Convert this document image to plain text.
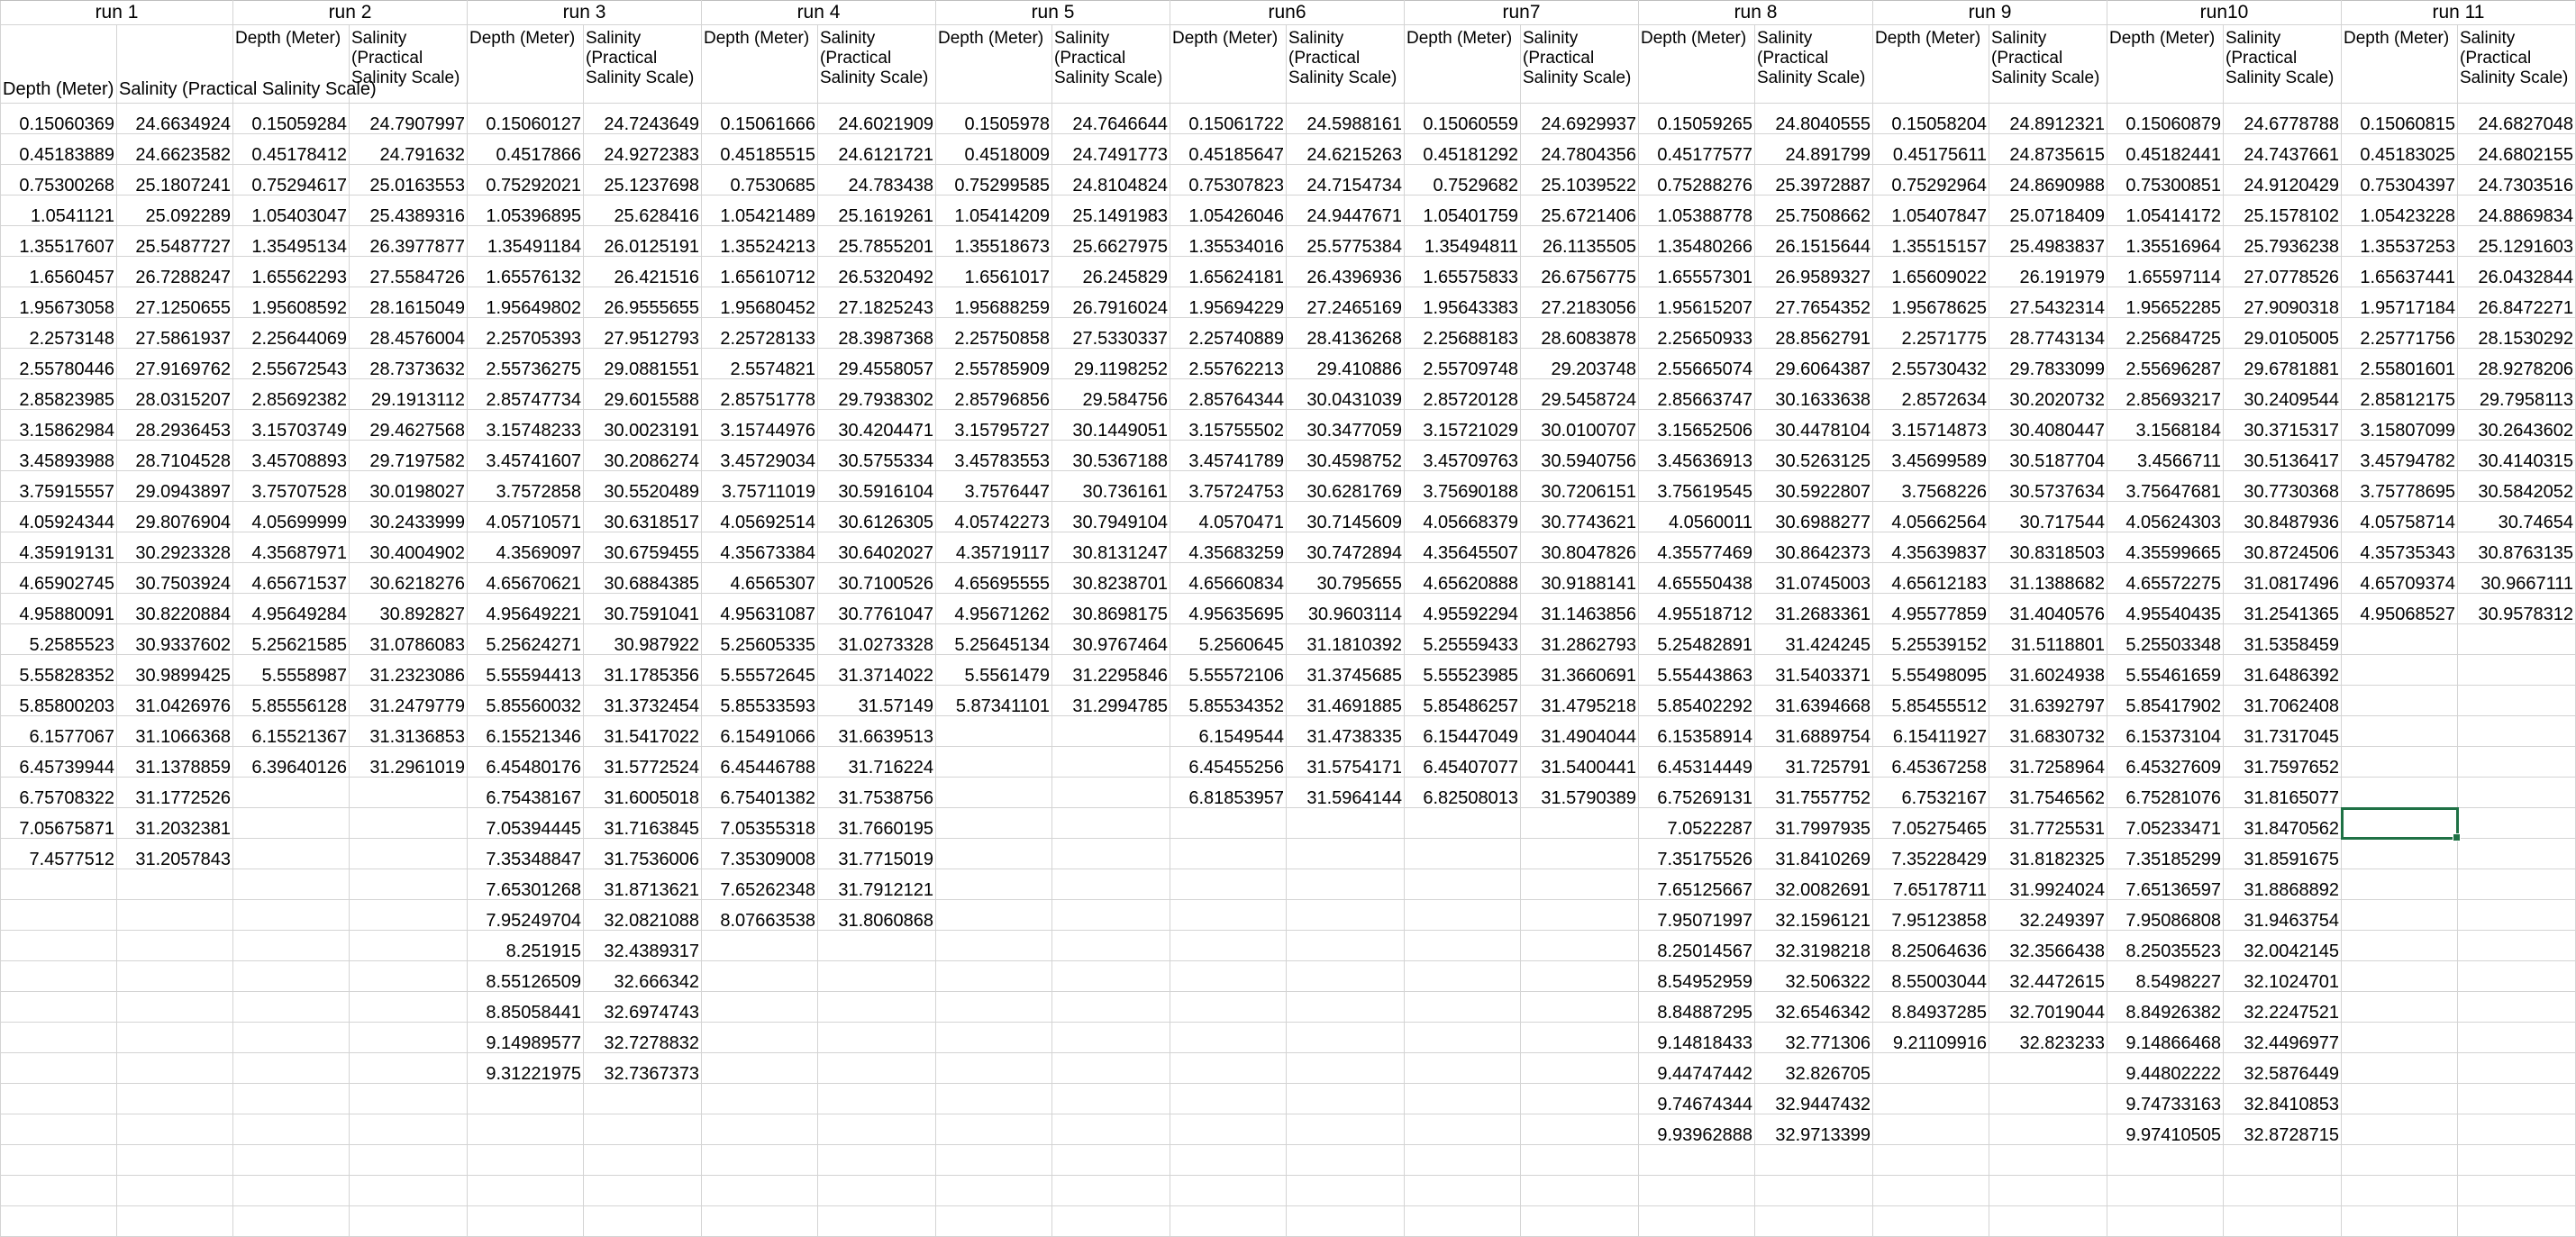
run 1		run 2		run 3		run 4		run 5		run6		run7		run 8		run 9		run10		run 11	
Depth (Meter)	Salinity (Practical Salinity Scale)	Depth (Meter)	Salinity (Practical Salinity Scale)	Depth (Meter)	Salinity (Practical Salinity Scale)	Depth (Meter)	Salinity (Practical Salinity Scale)	Depth (Meter)	Salinity (Practical Salinity Scale)	Depth (Meter)	Salinity (Practical Salinity Scale)	Depth (Meter)	Salinity (Practical Salinity Scale)	Depth (Meter)	Salinity (Practical Salinity Scale)	Depth (Meter)	Salinity (Practical Salinity Scale)	Depth (Meter)	Salinity (Practical Salinity Scale)	Depth (Meter)	Salinity (Practical Salinity Scale)
0.15060369	24.6634924	0.15059284	24.7907997	0.15060127	24.7243649	0.15061666	24.6021909	0.1505978	24.7646644	0.15061722	24.5988161	0.15060559	24.6929937	0.15059265	24.8040555	0.15058204	24.8912321	0.15060879	24.6778788	0.15060815	24.6827048
0.45183889	24.6623582	0.45178412	24.791632	0.4517866	24.9272383	0.45185515	24.6121721	0.4518009	24.7491773	0.45185647	24.6215263	0.45181292	24.7804356	0.45177577	24.891799	0.45175611	24.8735615	0.45182441	24.7437661	0.45183025	24.6802155
0.75300268	25.1807241	0.75294617	25.0163553	0.75292021	25.1237698	0.7530685	24.783438	0.75299585	24.8104824	0.75307823	24.7154734	0.7529682	25.1039522	0.75288276	25.3972887	0.75292964	24.8690988	0.75300851	24.9120429	0.75304397	24.7303516
1.0541121	25.092289	1.05403047	25.4389316	1.05396895	25.628416	1.05421489	25.1619261	1.05414209	25.1491983	1.05426046	24.9447671	1.05401759	25.6721406	1.05388778	25.7508662	1.05407847	25.0718409	1.05414172	25.1578102	1.05423228	24.8869834
1.35517607	25.5487727	1.35495134	26.3977877	1.35491184	26.0125191	1.35524213	25.7855201	1.35518673	25.6627975	1.35534016	25.5775384	1.35494811	26.1135505	1.35480266	26.1515644	1.35515157	25.4983837	1.35516964	25.7936238	1.35537253	25.1291603
1.6560457	26.7288247	1.65562293	27.5584726	1.65576132	26.421516	1.65610712	26.5320492	1.6561017	26.245829	1.65624181	26.4396936	1.65575833	26.6756775	1.65557301	26.9589327	1.65609022	26.191979	1.65597114	27.0778526	1.65637441	26.0432844
1.95673058	27.1250655	1.95608592	28.1615049	1.95649802	26.9555655	1.95680452	27.1825243	1.95688259	26.7916024	1.95694229	27.2465169	1.95643383	27.2183056	1.95615207	27.7654352	1.95678625	27.5432314	1.95652285	27.9090318	1.95717184	26.8472271
2.2573148	27.5861937	2.25644069	28.4576004	2.25705393	27.9512793	2.25728133	28.3987368	2.25750858	27.5330337	2.25740889	28.4136268	2.25688183	28.6083878	2.25650933	28.8562791	2.2571775	28.7743134	2.25684725	29.0105005	2.25771756	28.1530292
2.55780446	27.9169762	2.55672543	28.7373632	2.55736275	29.0881551	2.5574821	29.4558057	2.55785909	29.1198252	2.55762213	29.410886	2.55709748	29.203748	2.55665074	29.6064387	2.55730432	29.7833099	2.55696287	29.6781881	2.55801601	28.9278206
2.85823985	28.0315207	2.85692382	29.1913112	2.85747734	29.6015588	2.85751778	29.7938302	2.85796856	29.584756	2.85764344	30.0431039	2.85720128	29.5458724	2.85663747	30.1633638	2.8572634	30.2020732	2.85693217	30.2409544	2.85812175	29.7958113
3.15862984	28.2936453	3.15703749	29.4627568	3.15748233	30.0023191	3.15744976	30.4204471	3.15795727	30.1449051	3.15755502	30.3477059	3.15721029	30.0100707	3.15652506	30.4478104	3.15714873	30.4080447	3.1568184	30.3715317	3.15807099	30.2643602
3.45893988	28.7104528	3.45708893	29.7197582	3.45741607	30.2086274	3.45729034	30.5755334	3.45783553	30.5367188	3.45741789	30.4598752	3.45709763	30.5940756	3.45636913	30.5263125	3.45699589	30.5187704	3.4566711	30.5136417	3.45794782	30.4140315
3.75915557	29.0943897	3.75707528	30.0198027	3.7572858	30.5520489	3.75711019	30.5916104	3.7576447	30.736161	3.75724753	30.6281769	3.75690188	30.7206151	3.75619545	30.5922807	3.7568226	30.5737634	3.75647681	30.7730368	3.75778695	30.5842052
4.05924344	29.8076904	4.05699999	30.2433999	4.05710571	30.6318517	4.05692514	30.6126305	4.05742273	30.7949104	4.0570471	30.7145609	4.05668379	30.7743621	4.0560011	30.6988277	4.05662564	30.717544	4.05624303	30.8487936	4.05758714	30.74654
4.35919131	30.2923328	4.35687971	30.4004902	4.3569097	30.6759455	4.35673384	30.6402027	4.35719117	30.8131247	4.35683259	30.7472894	4.35645507	30.8047826	4.35577469	30.8642373	4.35639837	30.8318503	4.35599665	30.8724506	4.35735343	30.8763135
4.65902745	30.7503924	4.65671537	30.6218276	4.65670621	30.6884385	4.6565307	30.7100526	4.65695555	30.8238701	4.65660834	30.795655	4.65620888	30.9188141	4.65550438	31.0745003	4.65612183	31.1388682	4.65572275	31.0817496	4.65709374	30.9667111
4.95880091	30.8220884	4.95649284	30.892827	4.95649221	30.7591041	4.95631087	30.7761047	4.95671262	30.8698175	4.95635695	30.9603114	4.95592294	31.1463856	4.95518712	31.2683361	4.95577859	31.4040576	4.95540435	31.2541365	4.95068527	30.9578312
5.2585523	30.9337602	5.25621585	31.0786083	5.25624271	30.987922	5.25605335	31.0273328	5.25645134	30.9767464	5.2560645	31.1810392	5.25559433	31.2862793	5.25482891	31.424245	5.25539152	31.5118801	5.25503348	31.5358459		
5.55828352	30.9899425	5.5558987	31.2323086	5.55594413	31.1785356	5.55572645	31.3714022	5.5561479	31.2295846	5.55572106	31.3745685	5.55523985	31.3660691	5.55443863	31.5403371	5.55498095	31.6024938	5.55461659	31.6486392		
5.85800203	31.0426976	5.85556128	31.2479779	5.85560032	31.3732454	5.85533593	31.57149	5.87341101	31.2994785	5.85534352	31.4691885	5.85486257	31.4795218	5.85402292	31.6394668	5.85455512	31.6392797	5.85417902	31.7062408		
6.1577067	31.1066368	6.15521367	31.3136853	6.15521346	31.5417022	6.15491066	31.6639513			6.1549544	31.4738335	6.15447049	31.4904044	6.15358914	31.6889754	6.15411927	31.6830732	6.15373104	31.7317045		
6.45739944	31.1378859	6.39640126	31.2961019	6.45480176	31.5772524	6.45446788	31.716224			6.45455256	31.5754171	6.45407077	31.5400441	6.45314449	31.725791	6.45367258	31.7258964	6.45327609	31.7597652		
6.75708322	31.1772526			6.75438167	31.6005018	6.75401382	31.7538756			6.81853957	31.5964144	6.82508013	31.5790389	6.75269131	31.7557752	6.7532167	31.7546562	6.75281076	31.8165077		
7.05675871	31.2032381			7.05394445	31.7163845	7.05355318	31.7660195							7.0522287	31.7997935	7.05275465	31.7725531	7.05233471	31.8470562		
7.4577512	31.2057843			7.35348847	31.7536006	7.35309008	31.7715019							7.35175526	31.8410269	7.35228429	31.8182325	7.35185299	31.8591675		
				7.65301268	31.8713621	7.65262348	31.7912121							7.65125667	32.0082691	7.65178711	31.9924024	7.65136597	31.8868892		
				7.95249704	32.0821088	8.07663538	31.8060868							7.95071997	32.1596121	7.95123858	32.249397	7.95086808	31.9463754		
				8.251915	32.4389317									8.25014567	32.3198218	8.25064636	32.3566438	8.25035523	32.0042145		
				8.55126509	32.666342									8.54952959	32.506322	8.55003044	32.4472615	8.5498227	32.1024701		
				8.85058441	32.6974743									8.84887295	32.6546342	8.84937285	32.7019044	8.84926382	32.2247521		
				9.14989577	32.7278832									9.14818433	32.771306	9.21109916	32.823233	9.14866468	32.4496977		
				9.31221975	32.7367373									9.44747442	32.826705			9.44802222	32.5876449		
														9.74674344	32.9447432			9.74733163	32.8410853		
														9.93962888	32.9713399			9.97410505	32.8728715		
